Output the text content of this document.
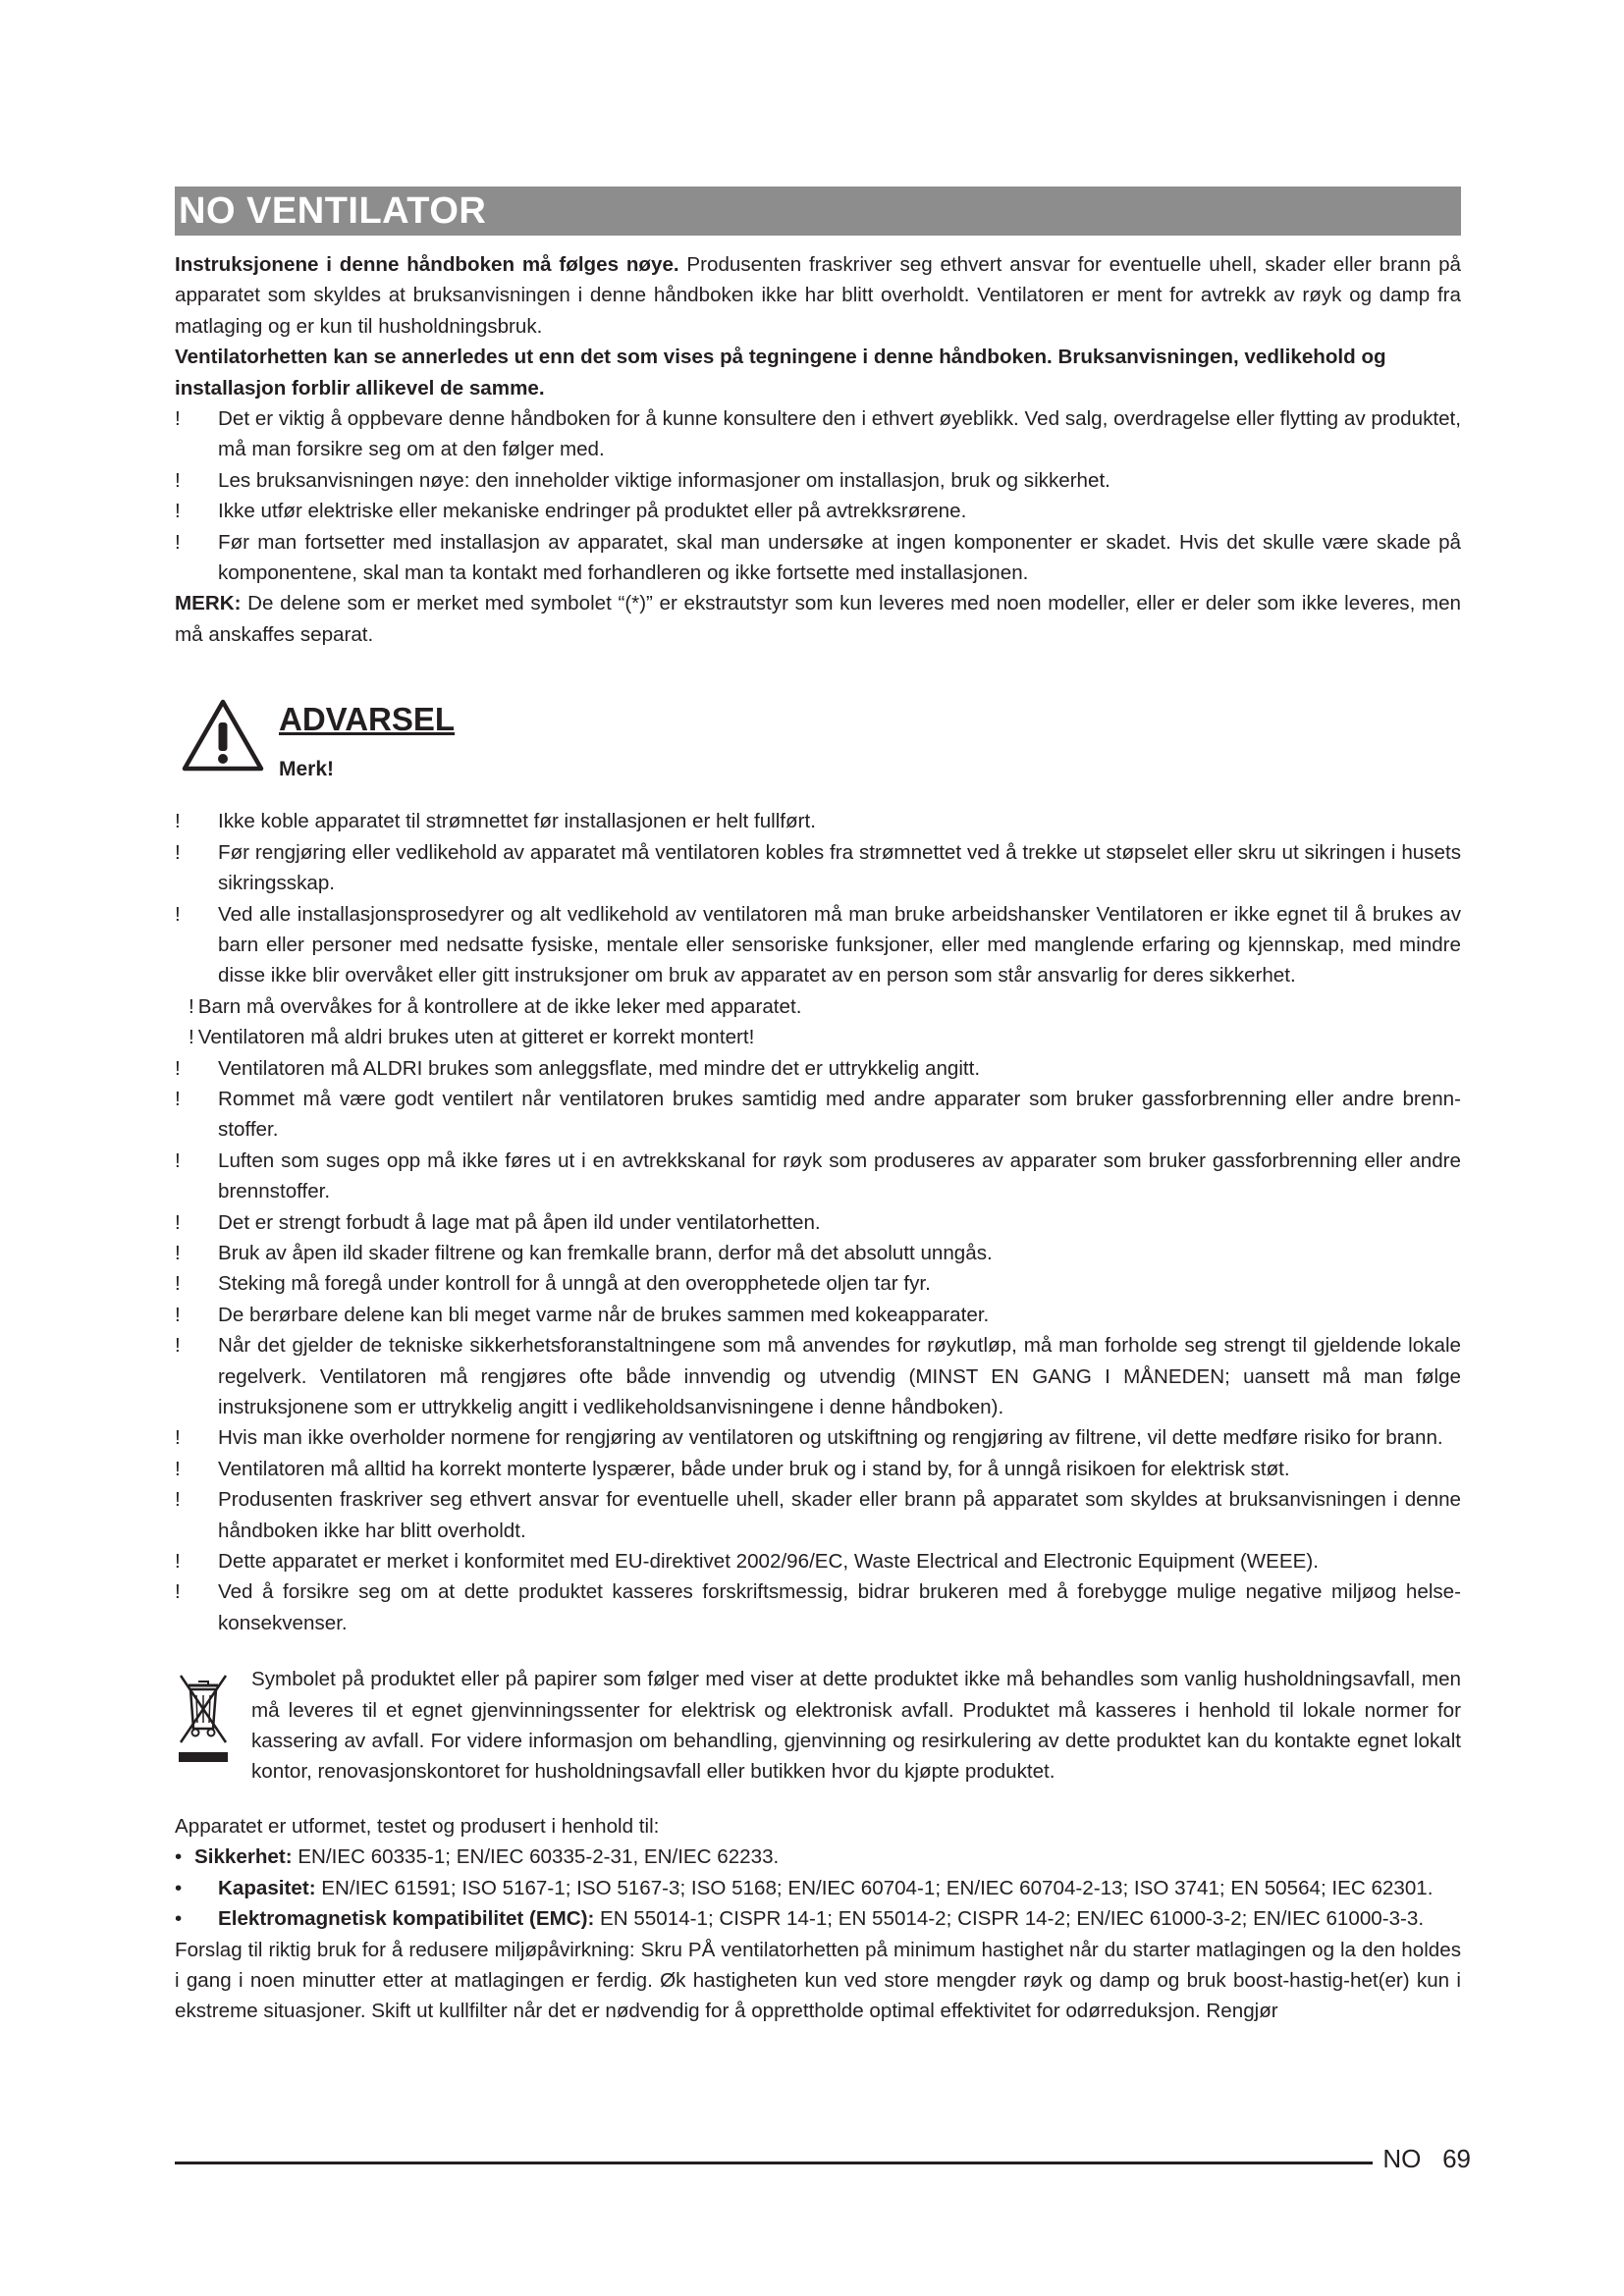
NO VENTILATOR

Instruksjonene i denne håndboken må følges nøye. Produsenten fraskriver seg ethvert ansvar for eventuelle uhell, skader eller brann på apparatet som skyldes at bruksanvisningen i denne håndboken ikke har blitt overholdt. Ventilatoren er ment for avtrekk av røyk og damp fra matlaging og er kun til husholdningsbruk.

Ventilatorhetten kan se annerledes ut enn det som vises på tegningene i denne håndboken. Bruksanvisningen, vedlikehold og installasjon forblir allikevel de samme.

! Det er viktig å oppbevare denne håndboken for å kunne konsultere den i ethvert øyeblikk. Ved salg, overdragelse eller flytting av produktet, må man forsikre seg om at den følger med.
! Les bruksanvisningen nøye: den inneholder viktige informasjoner om installasjon, bruk og sikkerhet.
! Ikke utfør elektriske eller mekaniske endringer på produktet eller på avtrekksrørene.
! Før man fortsetter med installasjon av apparatet, skal man undersøke at ingen komponenter er skadet. Hvis det skulle være skade på komponentene, skal man ta kontakt med forhandleren og ikke fortsette med installasjonen.

MERK: De delene som er merket med symbolet “(*)” er ekstrautstyr som kun leveres med noen modeller, eller er deler som ikke leveres, men må anskaffes separat.

ADVARSEL
Merk!
! Ikke koble apparatet til strømnettet før installasjonen er helt fullført.
! Før rengjøring eller vedlikehold av apparatet må ventilatoren kobles fra strømnettet ved å trekke ut støpselet eller skru ut sikringen i husets sikringsskap.
! Ved alle installasjonsprosedyrer og alt vedlikehold av ventilatoren må man bruke arbeidshansker Ventilatoren er ikke egnet til å brukes av barn eller personer med nedsatte fysiske, mentale eller sensoriske funksjoner, eller med manglende erfaring og kjennskap, med mindre disse ikke blir overvåket eller gitt instruksjoner om bruk av apparatet av en person som står ansvarlig for deres sikkerhet.
! Barn må overvåkes for å kontrollere at de ikke leker med apparatet.
! Ventilatoren må aldri brukes uten at gitteret er korrekt montert!
! Ventilatoren må ALDRI brukes som anleggsflate, med mindre det er uttrykkelig angitt.
! Rommet må være godt ventilert når ventilatoren brukes samtidig med andre apparater som bruker gassforbrenning eller andre brenn-stoffer.
! Luften som suges opp må ikke føres ut i en avtrekkskanal for røyk som produseres av apparater som bruker gassforbrenning eller andre brennstoffer.
! Det er strengt forbudt å lage mat på åpen ild under ventilatorhetten.
! Bruk av åpen ild skader filtrene og kan fremkalle brann, derfor må det absolutt unngås.
! Steking må foregå under kontroll for å unngå at den overopphetede oljen tar fyr.
! De berørbare delene kan bli meget varme når de brukes sammen med kokeapparater.
! Når det gjelder de tekniske sikkerhetsforanstaltningene som må anvendes for røykutløp, må man forholde seg strengt til gjeldende lokale regelverk. Ventilatoren må rengjøres ofte både innvendig og utvendig (MINST EN GANG I MÅNEDEN; uansett må man følge instruksjonene som er uttrykkelig angitt i vedlikeholdsanvisningene i denne håndboken).
! Hvis man ikke overholder normene for rengjøring av ventilatoren og utskiftning og rengjøring av filtrene, vil dette medføre risiko for brann.
! Ventilatoren må alltid ha korrekt monterte lyspærer, både under bruk og i stand by, for å unngå risikoen for elektrisk støt.
! Produsenten fraskriver seg ethvert ansvar for eventuelle uhell, skader eller brann på apparatet som skyldes at bruksanvisningen i denne håndboken ikke har blitt overholdt.
! Dette apparatet er merket i konformitet med EU-direktivet 2002/96/EC, Waste Electrical and Electronic Equipment (WEEE).
! Ved å forsikre seg om at dette produktet kasseres forskriftsmessig, bidrar brukeren med å forebygge mulige negative miljøog helse-konsekvenser.

Symbolet på produktet eller på papirer som følger med viser at dette produktet ikke må behandles som vanlig husholdningsavfall, men må leveres til et egnet gjenvinningssenter for elektrisk og elektronisk avfall. Produktet må kasseres i henhold til lokale normer for kassering av avfall. For videre informasjon om behandling, gjenvinning og resirkulering av dette produktet kan du kontakte egnet lokalt kontor, renovasjonskontoret for husholdningsavfall eller butikken hvor du kjøpte produktet.

Apparatet er utformet, testet og produsert i henhold til:

• Sikkerhet: EN/IEC 60335-1; EN/IEC 60335-2-31, EN/IEC 62233.
• Kapasitet: EN/IEC 61591; ISO 5167-1; ISO 5167-3; ISO 5168; EN/IEC 60704-1; EN/IEC 60704-2-13; ISO 3741; EN 50564; IEC 62301.
• Elektromagnetisk kompatibilitet (EMC): EN 55014-1; CISPR 14-1; EN 55014-2; CISPR 14-2; EN/IEC 61000-3-2; EN/IEC 61000-3-3.

Forslag til riktig bruk for å redusere miljøpåvirkning: Skru PÅ ventilatorhetten på minimum hastighet når du starter matlagingen og la den holdes i gang i noen minutter etter at matlagingen er ferdig. Øk hastigheten kun ved store mengder røyk og damp og bruk boost-hastig-het(er) kun i ekstreme situasjoner. Skift ut kullfilter når det er nødvendig for å opprettholde optimal effektivitet for odørreduksjon. Rengjør

NO   69
